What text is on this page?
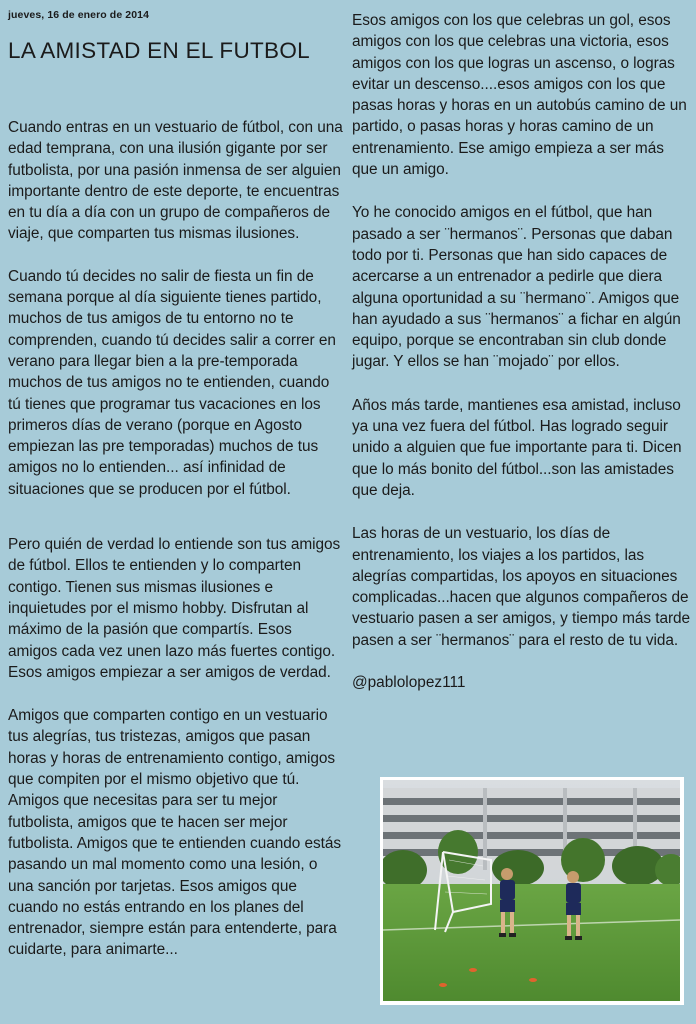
jueves, 16 de enero de 2014
LA AMISTAD EN EL FUTBOL

Cuando entras en un vestuario de fútbol, con una edad temprana, con una ilusión gigante por ser futbolista, por una pasión inmensa de ser alguien importante dentro de este deporte, te encuentras en tu día a día con un grupo de compañeros de viaje, que comparten tus mismas ilusiones.

Cuando tú decides no salir de fiesta un fin de semana porque al día siguiente tienes partido, muchos de tus amigos de tu entorno no te comprenden, cuando tú decides salir a correr en verano para llegar bien a la pre-temporada muchos de tus amigos no te entienden, cuando tú tienes que programar tus vacaciones en los primeros días de verano (porque en Agosto empiezan las pre temporadas) muchos de tus amigos no lo entienden... así infinidad de situaciones que se producen por el fútbol.

Pero quién de verdad lo entiende son tus amigos de fútbol. Ellos te entienden y lo comparten contigo. Tienen sus mismas ilusiones e inquietudes por el mismo hobby. Disfrutan al máximo de la pasión que compartís. Esos amigos cada vez unen lazo más fuertes contigo. Esos amigos empiezar a ser amigos de verdad.

Amigos que comparten contigo en un vestuario tus alegrías, tus tristezas, amigos que pasan horas y horas de entrenamiento contigo, amigos que compiten por el mismo objetivo que tú. Amigos que necesitas para ser tu mejor futbolista, amigos que te hacen ser mejor futbolista. Amigos que te entienden cuando estás pasando un mal momento como una lesión, o una sanción por tarjetas. Esos amigos que cuando no estás entrando en los planes del entrenador, siempre están para entenderte, para cuidarte, para animarte...

Esos amigos con los que celebras un gol, esos amigos con los que celebras una victoria, esos amigos con los que logras un ascenso, o logras evitar un descenso....esos amigos con los que pasas horas y horas en un autobús camino de un partido, o pasas horas y horas camino de un entrenamiento. Ese amigo empieza a ser más que un amigo.

Yo he conocido amigos en el fútbol, que han pasado a ser ¨hermanos¨. Personas que daban todo por ti. Personas que han sido capaces de acercarse a un entrenador a pedirle que diera alguna oportunidad a su ¨hermano¨. Amigos que han ayudado a sus ¨hermanos¨ a fichar en algún equipo, porque se encontraban sin club donde jugar. Y ellos se han ¨mojado¨ por ellos.

Años más tarde, mantienes esa amistad, incluso ya una vez fuera del fútbol. Has logrado seguir unido a alguien que fue importante para ti. Dicen que lo más bonito del fútbol...son las amistades que deja.

Las horas de un vestuario, los días de entrenamiento, los viajes a los partidos, las alegrías compartidas, los apoyos en situaciones complicadas...hacen que algunos compañeros de vestuario pasen a ser amigos, y tiempo más tarde pasen a ser ¨hermanos¨ para el resto de tu vida.

@pablolopez111
